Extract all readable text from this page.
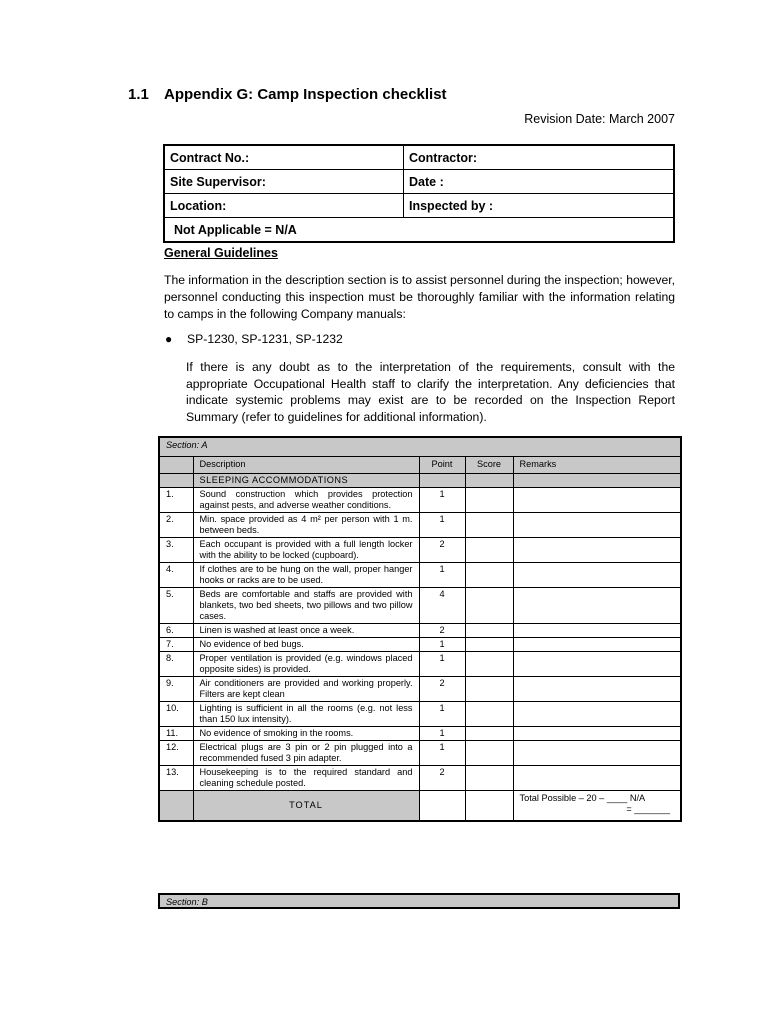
1.1 Appendix G: Camp Inspection checklist
Revision Date: March 2007
Contract No.:	Contractor:
Site Supervisor:	Date :
Location:	Inspected by :
Not Applicable = N/A	
General Guidelines
The information in the description section is to assist personnel during the inspection; however, personnel conducting this inspection must be thoroughly familiar with the information relating to camps in the following Company manuals:
● SP-1230, SP-1231, SP-1232
If there is any doubt as to the interpretation of the requirements, consult with the appropriate Occupational Health staff to clarify the interpretation. Any deficiencies that indicate systemic problems may exist are to be recorded on the Inspection Report Summary (refer to guidelines for additional information).
Section: A				
	Description	Point	Score	Remarks
	SLEEPING ACCOMMODATIONS			
1.	Sound construction which provides protection against pests, and adverse weather conditions.	1		
2.	Min. space provided as 4 m² per person with 1 m. between beds.	1		
3.	Each occupant is provided with a full length locker with the ability to be locked (cupboard).	2		
4.	If clothes are to be hung on the wall, proper hanger hooks or racks are to be used.	1		
5.	Beds are comfortable and staffs are provided with blankets, two bed sheets, two pillows and two pillow cases.	4		
6.	Linen is washed at least once a week.	2		
7.	No evidence of bed bugs.	1		
8.	Proper ventilation is provided (e.g. windows placed opposite sides) is provided.	1		
9.	Air conditioners are provided and working properly. Filters are kept clean	2		
10.	Lighting is sufficient in all the rooms (e.g. not less than 150 lux intensity).	1		
11.	No evidence of smoking in the rooms.	1		
12.	Electrical plugs are 3 pin or 2 pin plugged into a recommended fused 3 pin adapter.	1		
13.	Housekeeping is to the required standard and cleaning schedule posted.	2		
	TOTAL			Total Possible – 20 – ____ N/A
= _______
Section: B
